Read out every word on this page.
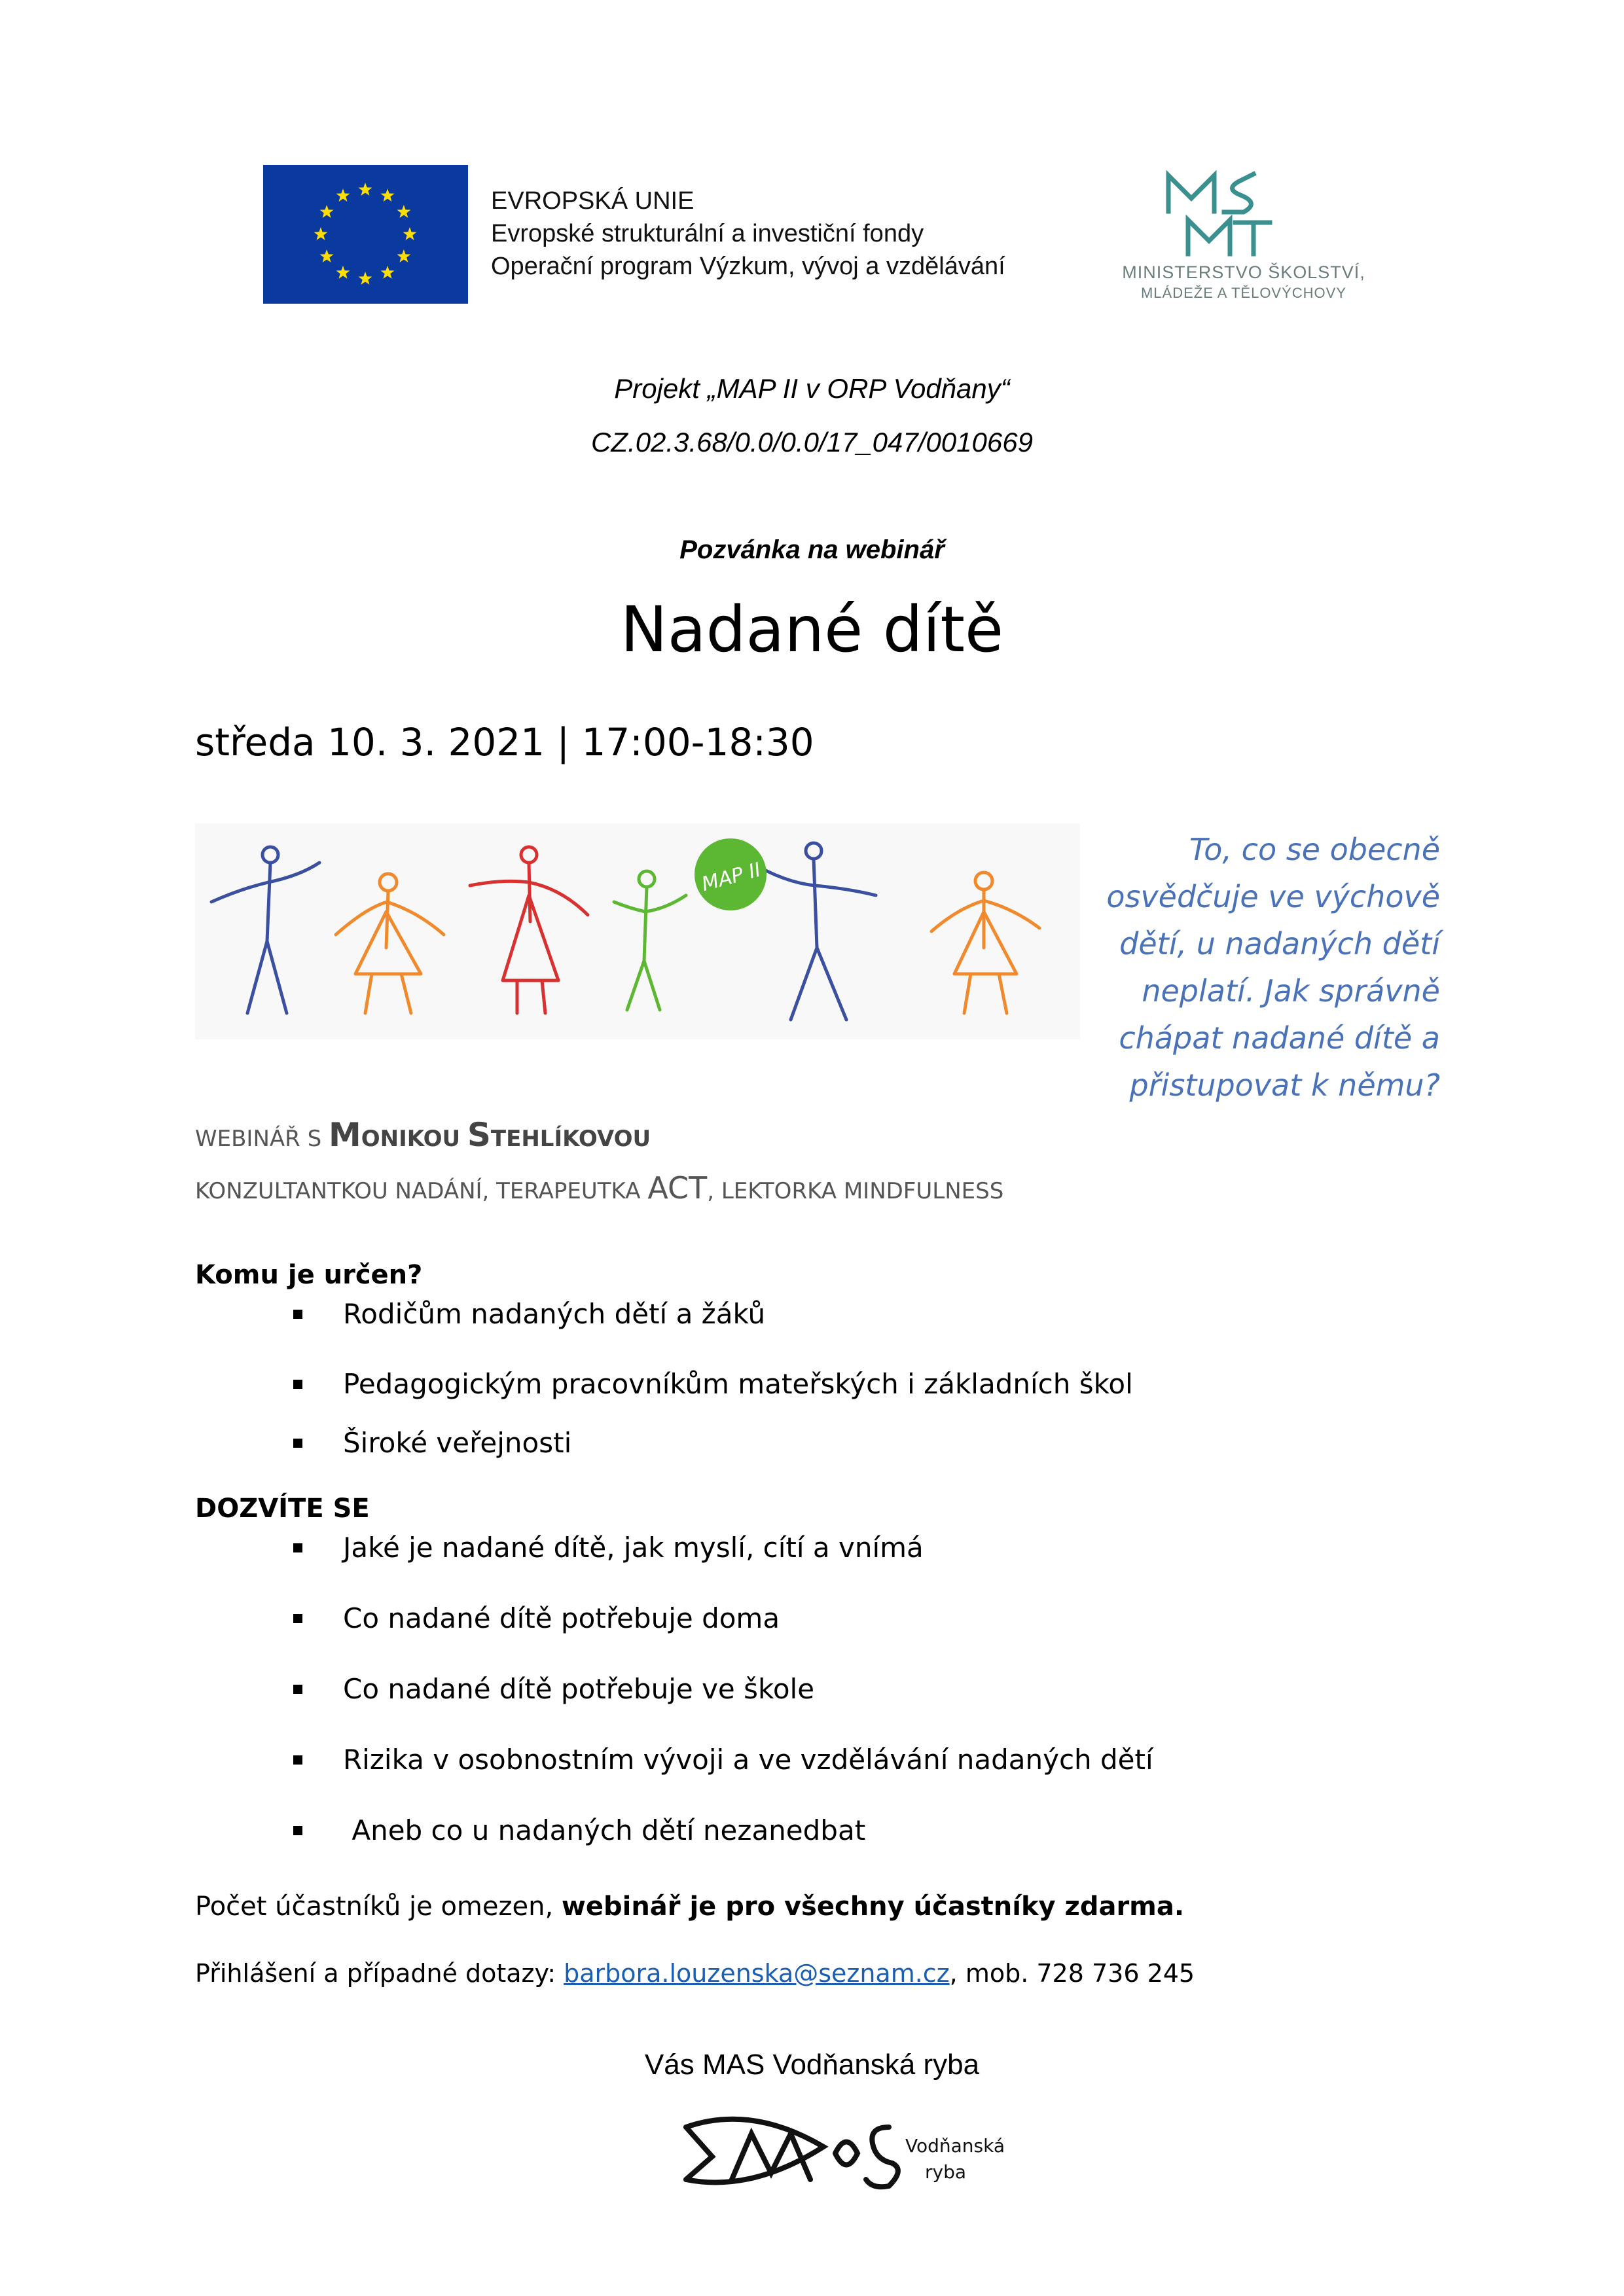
EVROPSKÁ UNIE
Evropské strukturální a investiční fondy
Operační program Výzkum, vývoj a vzdělávání	MINISTERSTVO ŠKOLSTVÍ,
MLÁDEŽE A TĚLOVÝCHOVY
Projekt „MAP II v ORP Vodňany“
CZ.02.3.68/0.0/0.0/17_047/0010669
Pozvánka na webinář
Nadané dítě
středa 10. 3. 2021 | 17:00-18:30
MAP II
To, co se obecně
osvědčuje ve výchově
dětí, u nadaných dětí
neplatí. Jak správně
chápat nadané dítě a
přistupovat k němu?
WEBINÁŘ S MONIKOU STEHLÍKOVOU
KONZULTANTKOU NADÁNÍ, TERAPEUTKA ACT, LEKTORKA MINDFULNESS
Komu je určen?
Rodičům nadaných dětí a žáků
Pedagogickým pracovníkům mateřských i základních škol
Široké veřejnosti
DOZVÍTE SE
Jaké je nadané dítě, jak myslí, cítí a vnímá
Co nadané dítě potřebuje doma
Co nadané dítě potřebuje ve škole
Rizika v osobnostním vývoji a ve vzdělávání nadaných dětí
Aneb co u nadaných dětí nezanedbat
Počet účastníků je omezen, webinář je pro všechny účastníky zdarma.
Přihlášení a případné dotazy: barbora.louzenska@seznam.cz, mob. 728 736 245
Vás MAS Vodňanská ryba
Vodňanská
ryba
